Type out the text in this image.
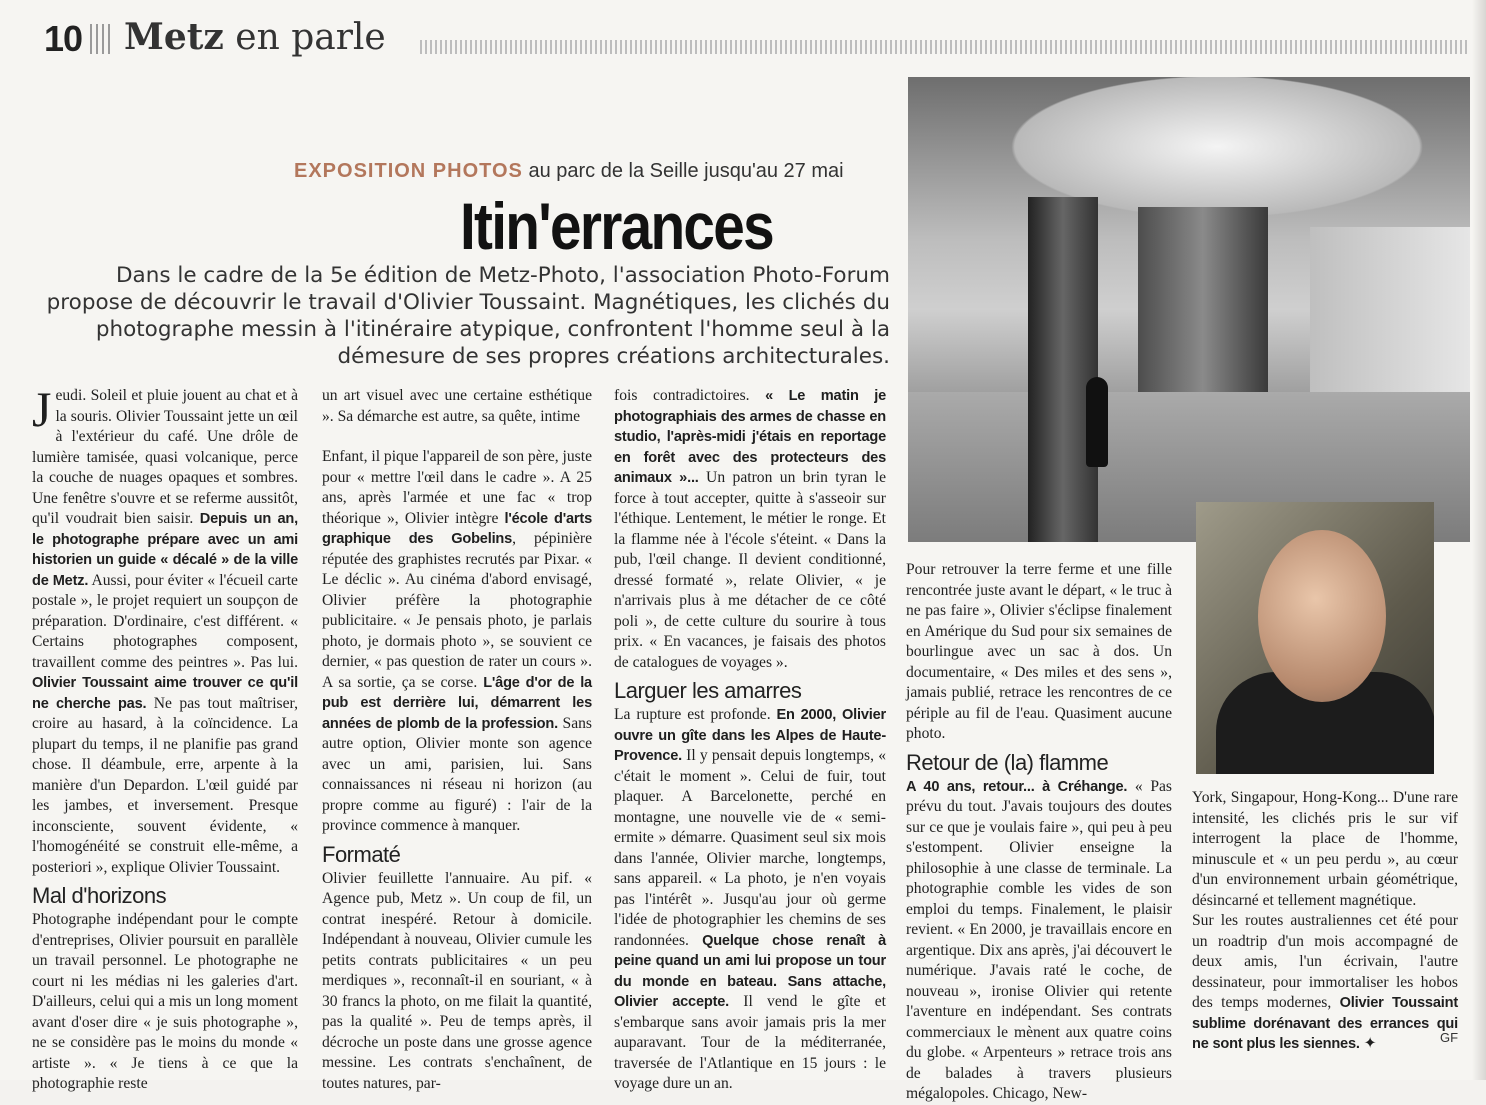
10 Metz en parle
EXPOSITION PHOTOS au parc de la Seille jusqu'au 27 mai
Itin'errances
Dans le cadre de la 5e édition de Metz-Photo, l'association Photo-Forum propose de découvrir le travail d'Olivier Toussaint. Magnétiques, les clichés du photographe messin à l'itinéraire atypique, confrontent l'homme seul à la démesure de ses propres créations architecturales.

Jeudi. Soleil et pluie jouent au chat et à la souris. Olivier Toussaint jette un œil à l'extérieur du café. Une drôle de lumière tamisée, quasi volcanique, perce la couche de nuages opaques et sombres. Une fenêtre s'ouvre et se referme aussitôt, qu'il voudrait bien saisir. Depuis un an, le photographe prépare avec un ami historien un guide « décalé » de la ville de Metz. Aussi, pour éviter « l'écueil carte postale », le projet requiert un soupçon de préparation. D'ordinaire, c'est différent. « Certains photographes composent, travaillent comme des peintres ». Pas lui. Olivier Toussaint aime trouver ce qu'il ne cherche pas. Ne pas tout maîtriser, croire au hasard, à la coïncidence. La plupart du temps, il ne planifie pas grand chose. Il déambule, erre, arpente à la manière d'un Depardon. L'œil guidé par les jambes, et inversement. Presque inconsciente, souvent évidente, « l'homogénéité se construit elle-même, a posteriori », explique Olivier Toussaint.

Mal d'horizons

Photographe indépendant pour le compte d'entreprises, Olivier poursuit en parallèle un travail personnel. Le photographe ne court ni les médias ni les galeries d'art. D'ailleurs, celui qui a mis un long moment avant d'oser dire « je suis photographe », ne se considère pas le moins du monde « artiste ». « Je tiens à ce que la photographie reste

un art visuel avec une certaine esthétique ». Sa démarche est autre, sa quête, intime

Enfant, il pique l'appareil de son père, juste pour « mettre l'œil dans le cadre ». A 25 ans, après l'armée et une fac « trop théorique », Olivier intègre l'école d'arts graphique des Gobelins, pépinière réputée des graphistes recrutés par Pixar. « Le déclic ». Au cinéma d'abord envisagé, Olivier préfère la photographie publicitaire. « Je pensais photo, je parlais photo, je dormais photo », se souvient ce dernier, « pas question de rater un cours ». A sa sortie, ça se corse. L'âge d'or de la pub est derrière lui, démarrent les années de plomb de la profession. Sans autre option, Olivier monte son agence avec un ami, parisien, lui. Sans connaissances ni réseau ni horizon (au propre comme au figuré) : l'air de la province commence à manquer.

Formaté

Olivier feuillette l'annuaire. Au pif. « Agence pub, Metz ». Un coup de fil, un contrat inespéré. Retour à domicile. Indépendant à nouveau, Olivier cumule les petits contrats publicitaires « un peu merdiques », reconnaît-il en souriant, « à 30 francs la photo, on me filait la quantité, pas la qualité ». Peu de temps après, il décroche un poste dans une grosse agence messine. Les contrats s'enchaînent, de toutes natures, par-

fois contradictoires. « Le matin je photographiais des armes de chasse en studio, l'après-midi j'étais en reportage en forêt avec des protecteurs des animaux »... Un patron un brin tyran le force à tout accepter, quitte à s'asseoir sur l'éthique. Lentement, le métier le ronge. Et la flamme née à l'école s'éteint. « Dans la pub, l'œil change. Il devient conditionné, dressé formaté », relate Olivier, « je n'arrivais plus à me détacher de ce côté poli », de cette culture du sourire à tous prix. « En vacances, je faisais des photos de catalogues de voyages ».

Larguer les amarres

La rupture est profonde. En 2000, Olivier ouvre un gîte dans les Alpes de Haute-Provence. Il y pensait depuis longtemps, « c'était le moment ». Celui de fuir, tout plaquer. A Barcelonette, perché en montagne, une nouvelle vie de « semi-ermite » démarre. Quasiment seul six mois dans l'année, Olivier marche, longtemps, sans appareil. « La photo, je n'en voyais pas l'intérêt ». Jusqu'au jour où germe l'idée de photographier les chemins de ses randonnées. Quelque chose renaît à peine quand un ami lui propose un tour du monde en bateau. Sans attache, Olivier accepte. Il vend le gîte et s'embarque sans avoir jamais pris la mer auparavant. Tour de la méditerranée, traversée de l'Atlantique en 15 jours : le voyage dure un an.

Pour retrouver la terre ferme et une fille rencontrée juste avant le départ, « le truc à ne pas faire », Olivier s'éclipse finalement en Amérique du Sud pour six semaines de bourlingue avec un sac à dos. Un documentaire, « Des miles et des sens », jamais publié, retrace les rencontres de ce périple au fil de l'eau. Quasiment aucune photo.

Retour de (la) flamme

A 40 ans, retour... à Créhange. « Pas prévu du tout. J'avais toujours des doutes sur ce que je voulais faire », qui peu à peu s'estompent. Olivier enseigne la philosophie à une classe de terminale. La photographie comble les vides de son emploi du temps. Finalement, le plaisir revient. « En 2000, je travaillais encore en argentique. Dix ans après, j'ai découvert le numérique. J'avais raté le coche, de nouveau », ironise Olivier qui retente l'aventure en indépendant. Ses contrats commerciaux le mènent aux quatre coins du globe. « Arpenteurs » retrace trois ans de balades à travers plusieurs mégalopoles. Chicago, New-

York, Singapour, Hong-Kong... D'une rare intensité, les clichés pris le sur vif interrogent la place de l'homme, minuscule et « un peu perdu », au cœur d'un environnement urbain géométrique, désincarné et tellement magnétique.

Sur les routes australiennes cet été pour un roadtrip d'un mois accompagné de deux amis, l'un écrivain, l'autre dessinateur, pour immortaliser les hobos des temps modernes, Olivier Toussaint sublime dorénavant des errances qui ne sont plus les siennes. ✦	GF
